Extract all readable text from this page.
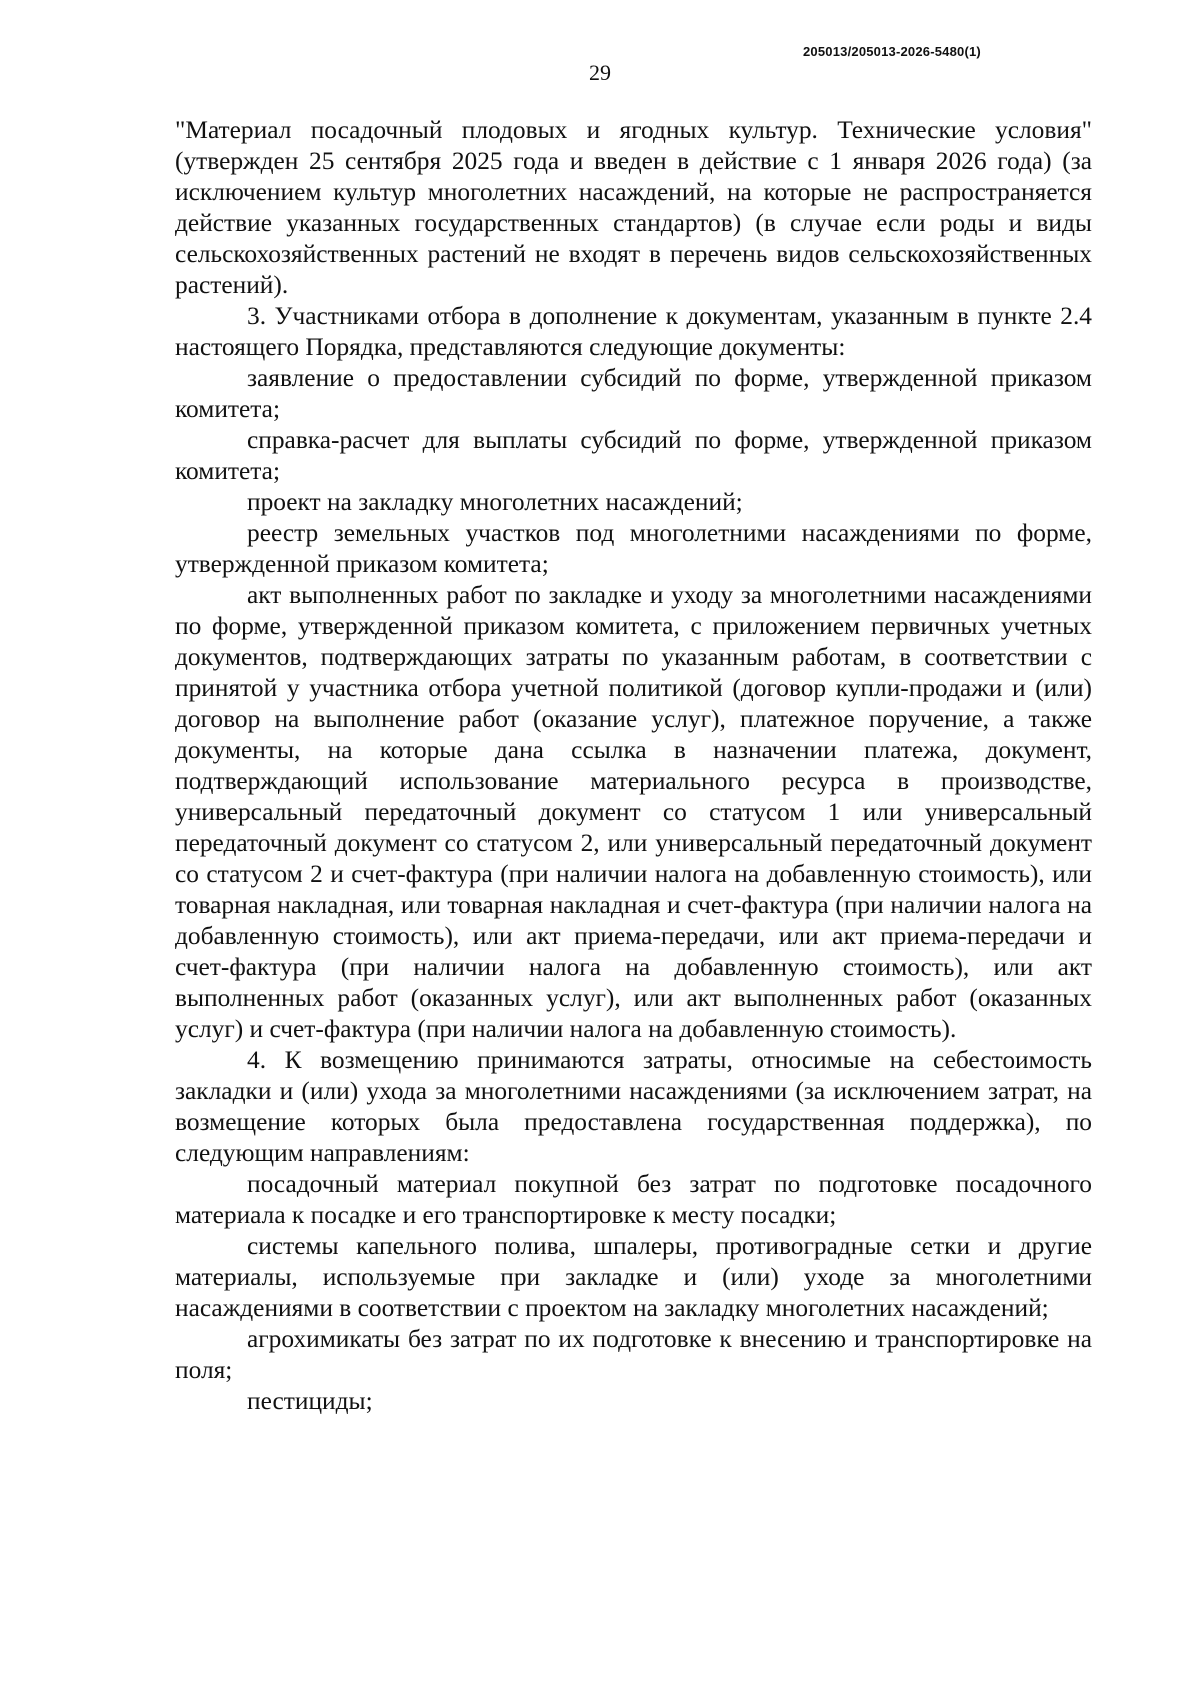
205013/205013-2026-5480(1)
29

"Материал посадочный плодовых и ягодных культур. Технические условия" (утвержден 25 сентября 2025 года и введен в действие с 1 января 2026 года) (за исключением культур многолетних насаждений, на которые не распространяется действие указанных государственных стандартов) (в случае если роды и виды сельскохозяйственных растений не входят в перечень видов сельскохозяйственных растений).

3. Участниками отбора в дополнение к документам, указанным в пункте 2.4 настоящего Порядка, представляются следующие документы:

заявление о предоставлении субсидий по форме, утвержденной приказом комитета;

справка-расчет для выплаты субсидий по форме, утвержденной приказом комитета;

проект на закладку многолетних насаждений;

реестр земельных участков под многолетними насаждениями по форме, утвержденной приказом комитета;

акт выполненных работ по закладке и уходу за многолетними насаждениями по форме, утвержденной приказом комитета, с приложением первичных учетных документов, подтверждающих затраты по указанным работам, в соответствии с принятой у участника отбора учетной политикой (договор купли-продажи и (или) договор на выполнение работ (оказание услуг), платежное поручение, а также документы, на которые дана ссылка в назначении платежа, документ, подтверждающий использование материального ресурса в производстве, универсальный передаточный документ со статусом 1 или универсальный передаточный документ со статусом 2, или универсальный передаточный документ со статусом 2 и счет-фактура (при наличии налога на добавленную стоимость), или товарная накладная, или товарная накладная и счет-фактура (при наличии налога на добавленную стоимость), или акт приема-передачи, или акт приема-передачи и счет-фактура (при наличии налога на добавленную стоимость), или акт выполненных работ (оказанных услуг), или акт выполненных работ (оказанных услуг) и счет-фактура (при наличии налога на добавленную стоимость).

4. К возмещению принимаются затраты, относимые на себестоимость закладки и (или) ухода за многолетними насаждениями (за исключением затрат, на возмещение которых была предоставлена государственная поддержка), по следующим направлениям:

посадочный материал покупной без затрат по подготовке посадочного материала к посадке и его транспортировке к месту посадки;

системы капельного полива, шпалеры, противоградные сетки и другие материалы, используемые при закладке и (или) уходе за многолетними насаждениями в соответствии с проектом на закладку многолетних насаждений;

агрохимикаты без затрат по их подготовке к внесению и транспортировке на поля;

пестициды;
